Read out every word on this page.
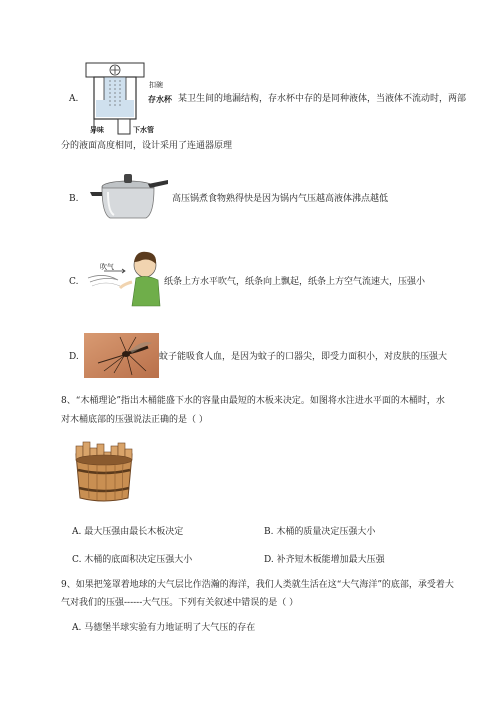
A.
扣碗
存水杯
异味	下水管
某卫生间的地漏结构，存水杯中存的是同种液体，当液体不流动时，两部
分的液面高度相同，设计采用了连通器原理
B.	高压锅煮食物熟得快是因为锅内气压越高液体沸点越低
C.
吹气
纸条上方水平吹气，纸条向上飘起，纸条上方空气流速大，压强小
D.	蚊子能吸食人血，是因为蚊子的口器尖，即受力面积小，对皮肤的压强大
8、“木桶理论”指出木桶能盛下水的容量由最短的木板来决定。如图将水注进水平面的木桶时，水
对木桶底部的压强说法正确的是（ ）
A. 最大压强由最长木板决定	B. 木桶的质量决定压强大小
C. 木桶的底面积决定压强大小	D. 补齐短木板能增加最大压强
9、如果把笼罩着地球的大气层比作浩瀚的海洋，我们人类就生活在这“大气海洋”的底部，承受着大
气对我们的压强------大气压。下列有关叙述中错误的是（ ）
A. 马德堡半球实验有力地证明了大气压的存在
